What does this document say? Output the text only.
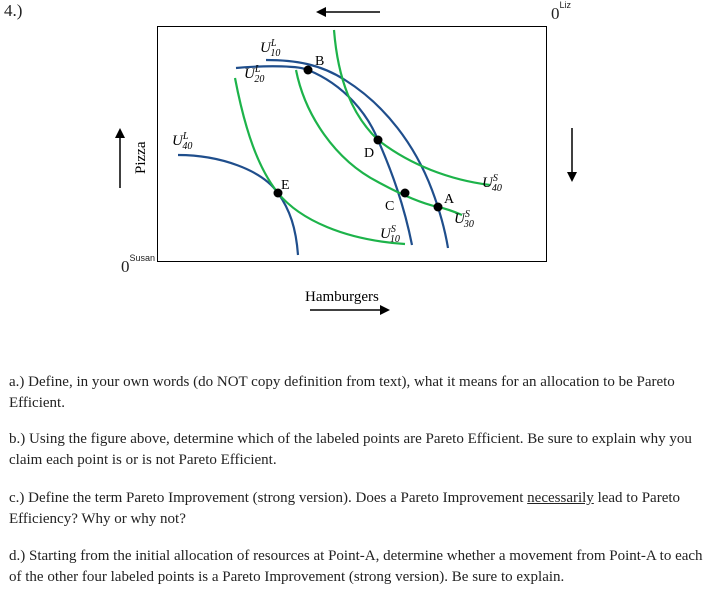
4.)	$0^{Liz}$
$0^{Susan}$
B
D
E
C	A
$U^L$ 10
$U^L$ 20
$U^L$ 40
$U^S$ 40
$U^S$ 30
$U^S$ 10
Pizza
Hamburgers
a.) Define, in your own words (do NOT copy definition from text), what it means for an allocation to be Pareto Efficient.
b.) Using the figure above, determine which of the labeled points are Pareto Efficient. Be sure to explain why you claim each point is or is not Pareto Efficient.
c.) Define the term Pareto Improvement (strong version). Does a Pareto Improvement necessarily lead to Pareto Efficiency? Why or why not?
d.) Starting from the initial allocation of resources at Point-A, determine whether a movement from Point-A to each of the other four labeled points is a Pareto Improvement (strong version). Be sure to explain.
